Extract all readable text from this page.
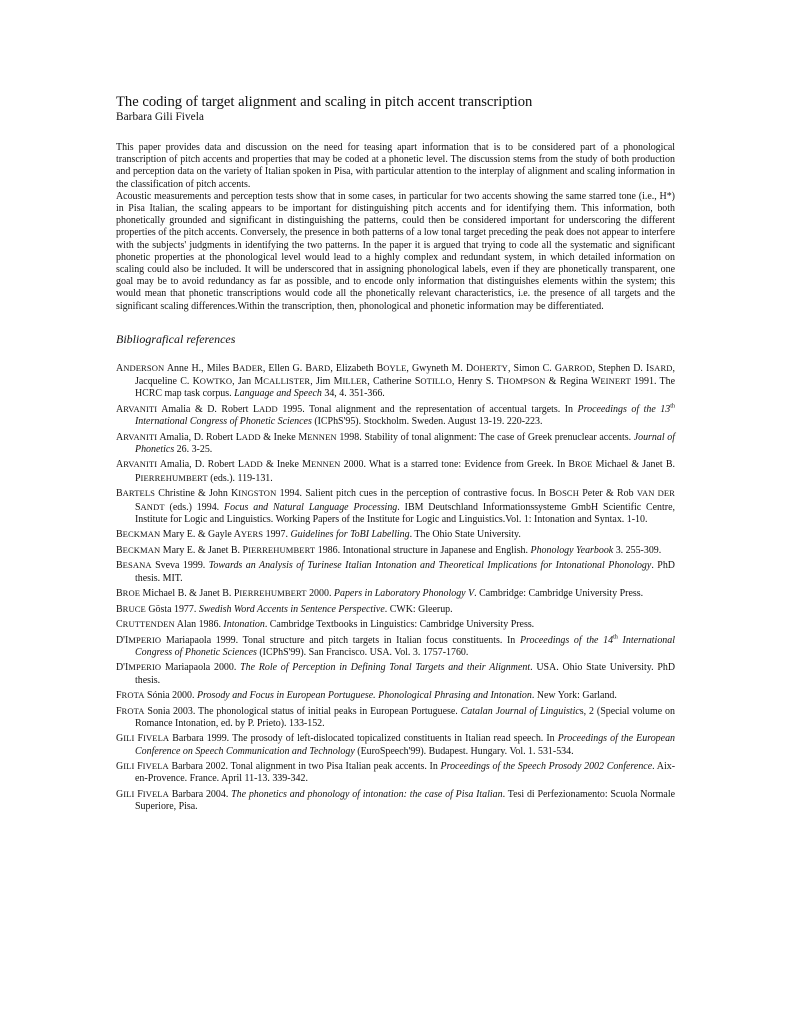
The coding of target alignment and scaling in pitch accent transcription
Barbara Gili Fivela

This paper provides data and discussion on the need for teasing apart information that is to be considered part of a phonological transcription of pitch accents and properties that may be coded at a phonetic level. The discussion stems from the study of both production and perception data on the variety of Italian spoken in Pisa, with particular attention to the interplay of alignment and scaling information in the classification of pitch accents.

Acoustic measurements and perception tests show that in some cases, in particular for two accents showing the same starred tone (i.e., H*) in Pisa Italian, the scaling appears to be important for distinguishing pitch accents and for identifying them. This information, both phonetically grounded and significant in distinguishing the patterns, could then be considered important for underscoring the different properties of the pitch accents. Conversely, the presence in both patterns of a low tonal target preceding the peak does not appear to interfere with the subjects' judgments in identifying the two patterns. In the paper it is argued that trying to code all the systematic and significant phonetic properties at the phonological level would lead to a highly complex and redundant system, in which detailed information on scaling could also be included. It will be underscored that in assigning phonological labels, even if they are phonetically transparent, one goal may be to avoid redundancy as far as possible, and to encode only information that distinguishes elements within the system; this would mean that phonetic transcriptions would code all the phonetically relevant characteristics, i.e. the presence of all targets and the significant scaling differences.Within the transcription, then, phonological and phonetic information may be differentiated.

Bibliografical references

ANDERSON Anne H., Miles BADER, Ellen G. BARD, Elizabeth BOYLE, Gwyneth M. DOHERTY, Simon C. GARROD, Stephen D. ISARD, Jacqueline C. KOWTKO, Jan MCALLISTER, Jim MILLER, Catherine SOTILLO, Henry S. THOMPSON & Regina WEINERT 1991. The HCRC map task corpus. Language and Speech 34, 4. 351-366.

ARVANITI Amalia & D. Robert LADD 1995. Tonal alignment and the representation of accentual targets. In Proceedings of the 13th International Congress of Phonetic Sciences (ICPhS'95). Stockholm. Sweden. August 13-19. 220-223.

ARVANITI Amalia, D. Robert LADD & Ineke MENNEN 1998. Stability of tonal alignment: The case of Greek prenuclear accents. Journal of Phonetics 26. 3-25.

ARVANITI Amalia, D. Robert LADD & Ineke MENNEN 2000. What is a starred tone: Evidence from Greek. In BROE Michael & Janet B. PIERREHUMBERT (eds.). 119-131.

BARTELS Christine & John KINGSTON 1994. Salient pitch cues in the perception of contrastive focus. In BOSCH Peter & Rob VAN DER SANDT (eds.) 1994. Focus and Natural Language Processing. IBM Deutschland Informationssysteme GmbH Scientific Centre, Institute for Logic and Linguistics. Working Papers of the Institute for Logic and Linguistics.Vol. 1: Intonation and Syntax. 1-10.

BECKMAN Mary E. & Gayle AYERS 1997. Guidelines for ToBI Labelling. The Ohio State University.

BECKMAN Mary E. & Janet B. PIERREHUMBERT 1986. Intonational structure in Japanese and English. Phonology Yearbook 3. 255-309.

BESANA Sveva 1999. Towards an Analysis of Turinese Italian Intonation and Theoretical Implications for Intonational Phonology. PhD thesis. MIT.

BROE Michael B. & Janet B. PIERREHUMBERT 2000. Papers in Laboratory Phonology V. Cambridge: Cambridge University Press.

BRUCE Gösta 1977. Swedish Word Accents in Sentence Perspective. CWK: Gleerup.

CRUTTENDEN Alan 1986. Intonation. Cambridge Textbooks in Linguistics: Cambridge University Press.

D'IMPERIO Mariapaola 1999. Tonal structure and pitch targets in Italian focus constituents. In Proceedings of the 14th International Congress of Phonetic Sciences (ICPhS'99). San Francisco. USA. Vol. 3. 1757-1760.

D'IMPERIO Mariapaola 2000. The Role of Perception in Defining Tonal Targets and their Alignment. USA. Ohio State University. PhD thesis.

FROTA Sónia 2000. Prosody and Focus in European Portuguese. Phonological Phrasing and Intonation. New York: Garland.

FROTA Sonia 2003. The phonological status of initial peaks in European Portuguese. Catalan Journal of Linguistics, 2 (Special volume on Romance Intonation, ed. by P. Prieto). 133-152.

GILI FIVELA Barbara 1999. The prosody of left-dislocated topicalized constituents in Italian read speech. In Proceedings of the European Conference on Speech Communication and Technology (EuroSpeech'99). Budapest. Hungary. Vol. 1. 531-534.

GILI FIVELA Barbara 2002. Tonal alignment in two Pisa Italian peak accents. In Proceedings of the Speech Prosody 2002 Conference. Aix-en-Provence. France. April 11-13. 339-342.

GILI FIVELA Barbara 2004. The phonetics and phonology of intonation: the case of Pisa Italian. Tesi di Perfezionamento: Scuola Normale Superiore, Pisa.
